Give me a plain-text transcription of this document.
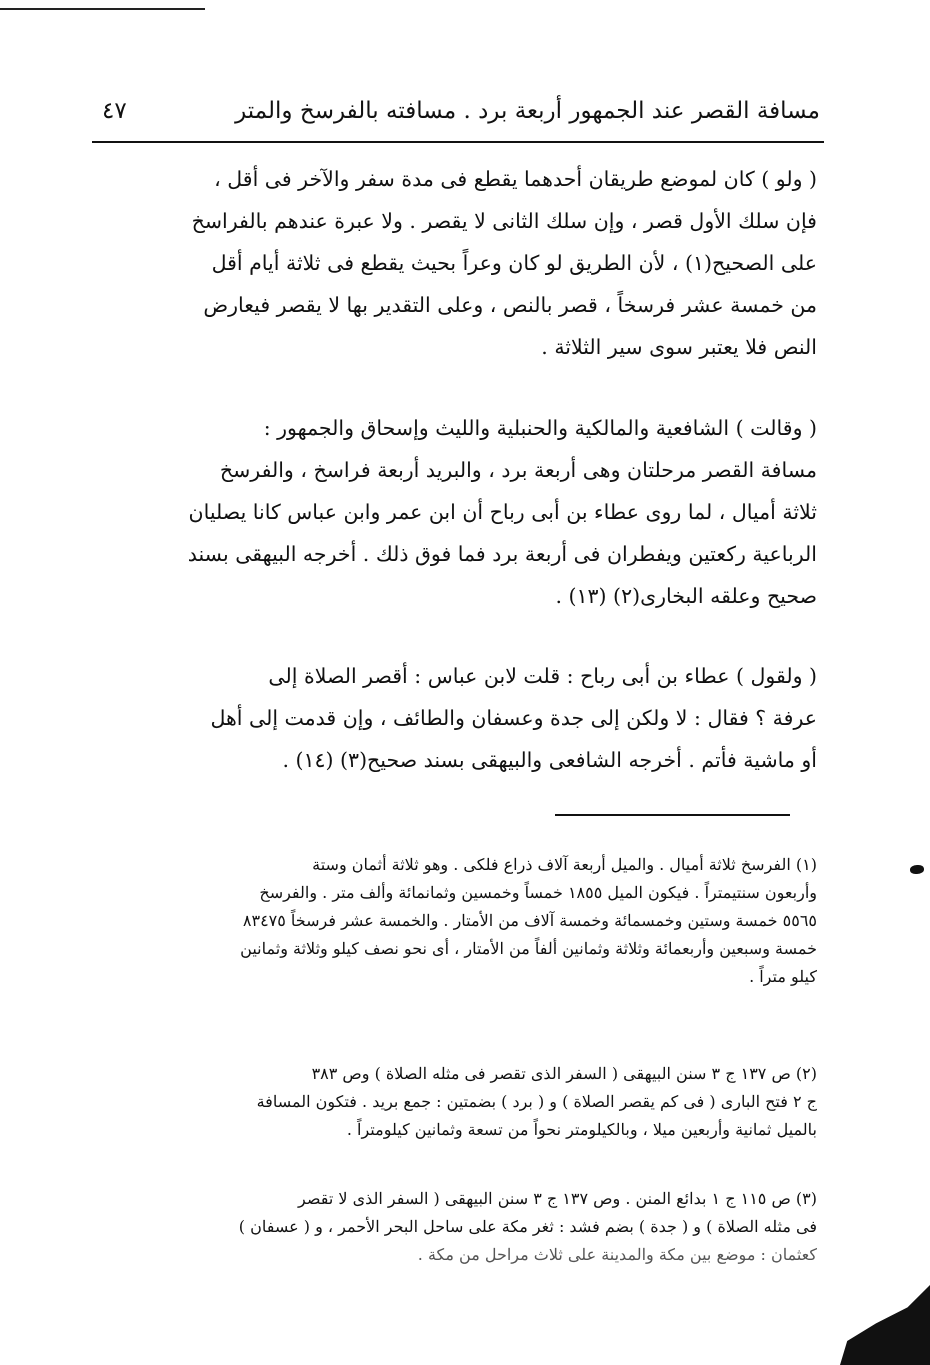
مسافة القصر عند الجمهور أربعة برد . مسافته بالفرسخ والمتر
٤٧
( ولو ) كان لموضع طريقان أحدهما يقطع فى مدة سفر والآخر فى أقل ،
فإن سلك الأول قصر ، وإن سلك الثانى لا يقصر . ولا عبرة عندهم بالفراسخ
على الصحيح(١) ، لأن الطريق لو كان وعراً بحيث يقطع فى ثلاثة أيام أقل
من خمسة عشر فرسخاً ، قصر بالنص ، وعلى التقدير بها لا يقصر فيعارض
النص فلا يعتبر سوى سير الثلاثة .
( وقالت ) الشافعية والمالكية والحنبلية والليث وإسحاق والجمهور :
مسافة القصر مرحلتان وهى أربعة برد ، والبريد أربعة فراسخ ، والفرسخ
ثلاثة أميال ، لما روى عطاء بن أبى رباح أن ابن عمر وابن عباس كانا يصليان
الرباعية ركعتين ويفطران فى أربعة برد فما فوق ذلك . أخرجه البيهقى بسند
صحيح وعلقه البخارى(٢) (١٣) .
( ولقول ) عطاء بن أبى رباح : قلت لابن عباس : أقصر الصلاة إلى
عرفة ؟ فقال : لا ولكن إلى جدة وعسفان والطائف ، وإن قدمت إلى أهل
أو ماشية فأتم . أخرجه الشافعى والبيهقى بسند صحيح(٣) (١٤) .
(١) الفرسخ ثلاثة أميال . والميل أربعة آلاف ذراع فلكى . وهو ثلاثة أثمان وستة
وأربعون سنتيمتراً . فيكون الميل ١٨٥٥ خمساً وخمسين وثمانمائة وألف متر . والفرسخ
٥٥٦٥ خمسة وستين وخمسمائة وخمسة آلاف من الأمتار . والخمسة عشر فرسخاً ٨٣٤٧٥
خمسة وسبعين وأربعمائة وثلاثة وثمانين ألفاً من الأمتار ، أى نحو نصف كيلو وثلاثة وثمانين
كيلو متراً .
(٢) ص ١٣٧ ج ٣ سنن البيهقى ( السفر الذى تقصر فى مثله الصلاة ) وص ٣٨٣
ج ٢ فتح البارى ( فى كم يقصر الصلاة ) و ( برد ) بضمتين : جمع بريد . فتكون المسافة
بالميل ثمانية وأربعين ميلا ، وبالكيلومتر نحواً من تسعة وثمانين كيلومتراً .
(٣) ص ١١٥ ج ١ بدائع المنن . وص ١٣٧ ج ٣ سنن البيهقى ( السفر الذى لا تقصر
فى مثله الصلاة ) و ( جدة ) بضم فشد : ثغر مكة على ساحل البحر الأحمر ، و ( عسفان )
كعثمان : موضع بين مكة والمدينة على ثلاث مراحل من مكة .
